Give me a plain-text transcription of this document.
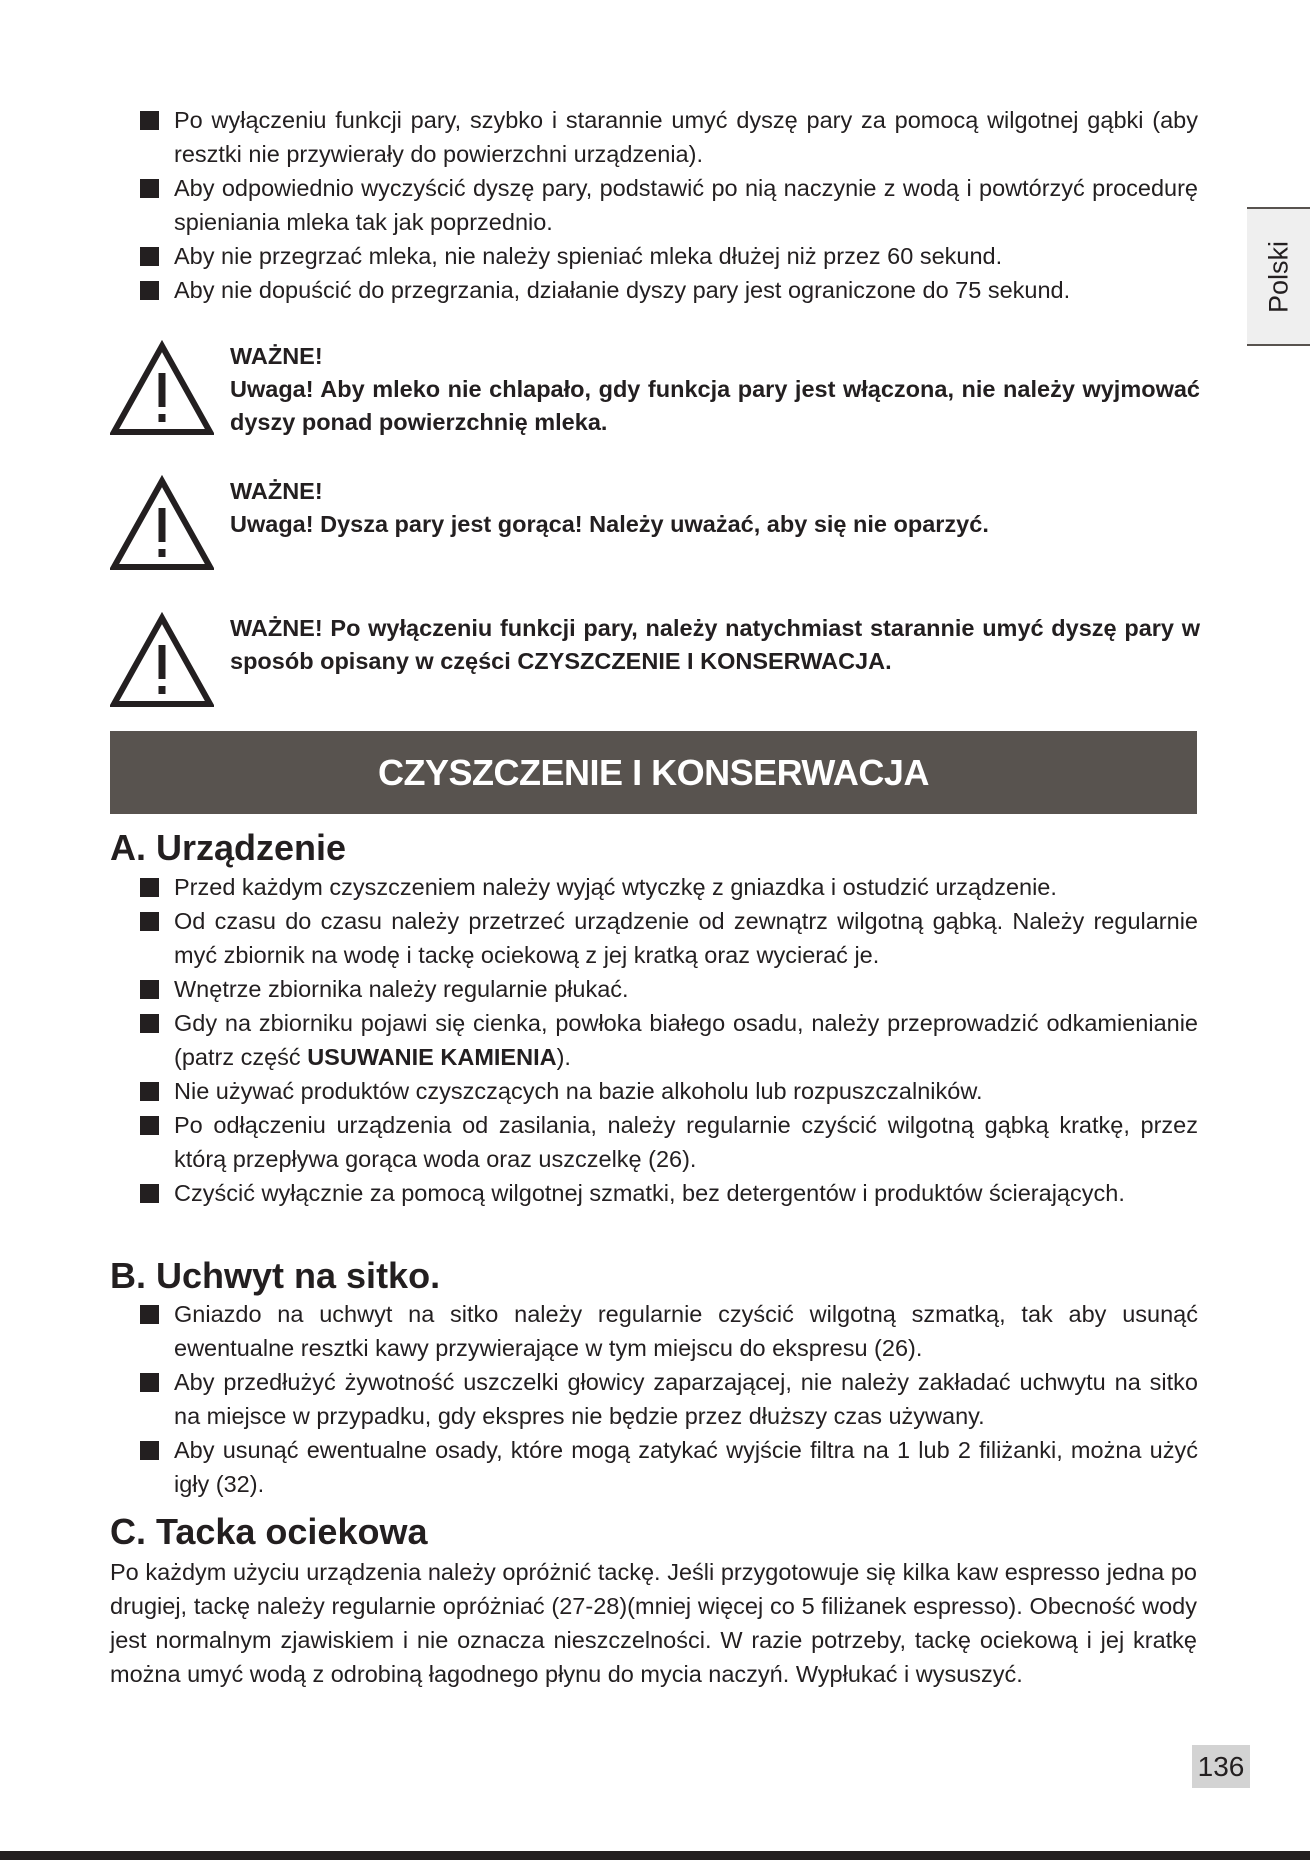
Polski
Po wyłączeniu funkcji pary, szybko i starannie umyć dyszę pary za pomocą wilgotnej gąbki (aby resztki nie przywierały do powierzchni urządzenia).
Aby odpowiednio wyczyścić dyszę pary, podstawić po nią naczynie z wodą i powtórzyć procedurę spieniania mleka tak jak poprzednio.
Aby nie przegrzać mleka, nie należy spieniać mleka dłużej niż przez 60 sekund.
Aby nie dopuścić do przegrzania, działanie dyszy pary jest ograniczone do 75 sekund.
WAŻNE!
Uwaga! Aby mleko nie chlapało, gdy funkcja pary jest włączona, nie należy wyjmować dyszy ponad powierzchnię mleka.
WAŻNE!
Uwaga! Dysza pary jest gorąca! Należy uważać, aby się nie oparzyć.
WAŻNE! Po wyłączeniu funkcji pary, należy natychmiast starannie umyć dyszę pary w sposób opisany w części CZYSZCZENIE I KONSERWACJA.
CZYSZCZENIE I KONSERWACJA
A. Urządzenie
Przed każdym czyszczeniem należy wyjąć wtyczkę z gniazdka i ostudzić urządzenie.
Od czasu do czasu należy przetrzeć urządzenie od zewnątrz wilgotną gąbką. Należy regularnie myć zbiornik na wodę i tackę ociekową z jej kratką oraz wycierać je.
Wnętrze zbiornika należy regularnie płukać.
Gdy na zbiorniku pojawi się cienka, powłoka białego osadu, należy przeprowadzić odkamienianie (patrz część USUWANIE KAMIENIA).
Nie używać produktów czyszczących na bazie alkoholu lub rozpuszczalników.
Po odłączeniu urządzenia od zasilania, należy regularnie czyścić wilgotną gąbką kratkę, przez którą przepływa gorąca woda oraz uszczelkę (26).
Czyścić wyłącznie za pomocą wilgotnej szmatki, bez detergentów i produktów ścierających.
B. Uchwyt na sitko.
Gniazdo na uchwyt na sitko należy regularnie czyścić wilgotną szmatką, tak aby usunąć ewentualne resztki kawy przywierające w tym miejscu do ekspresu (26).
Aby przedłużyć żywotność uszczelki głowicy zaparzającej, nie należy zakładać uchwytu na sitko na miejsce w przypadku, gdy ekspres nie będzie przez dłuższy czas używany.
Aby usunąć ewentualne osady, które mogą zatykać wyjście filtra na 1 lub 2 filiżanki, można użyć igły (32).
C. Tacka ociekowa

Po każdym użyciu urządzenia należy opróżnić tackę. Jeśli przygotowuje się kilka kaw espresso jedna po drugiej, tackę należy regularnie opróżniać (27-28)(mniej więcej co 5 filiżanek espresso). Obecność wody jest normalnym zjawiskiem i nie oznacza nieszczelności. W razie potrzeby, tackę ociekową i jej kratkę można umyć wodą z odrobiną łagodnego płynu do mycia naczyń. Wypłukać i wysuszyć.

136
